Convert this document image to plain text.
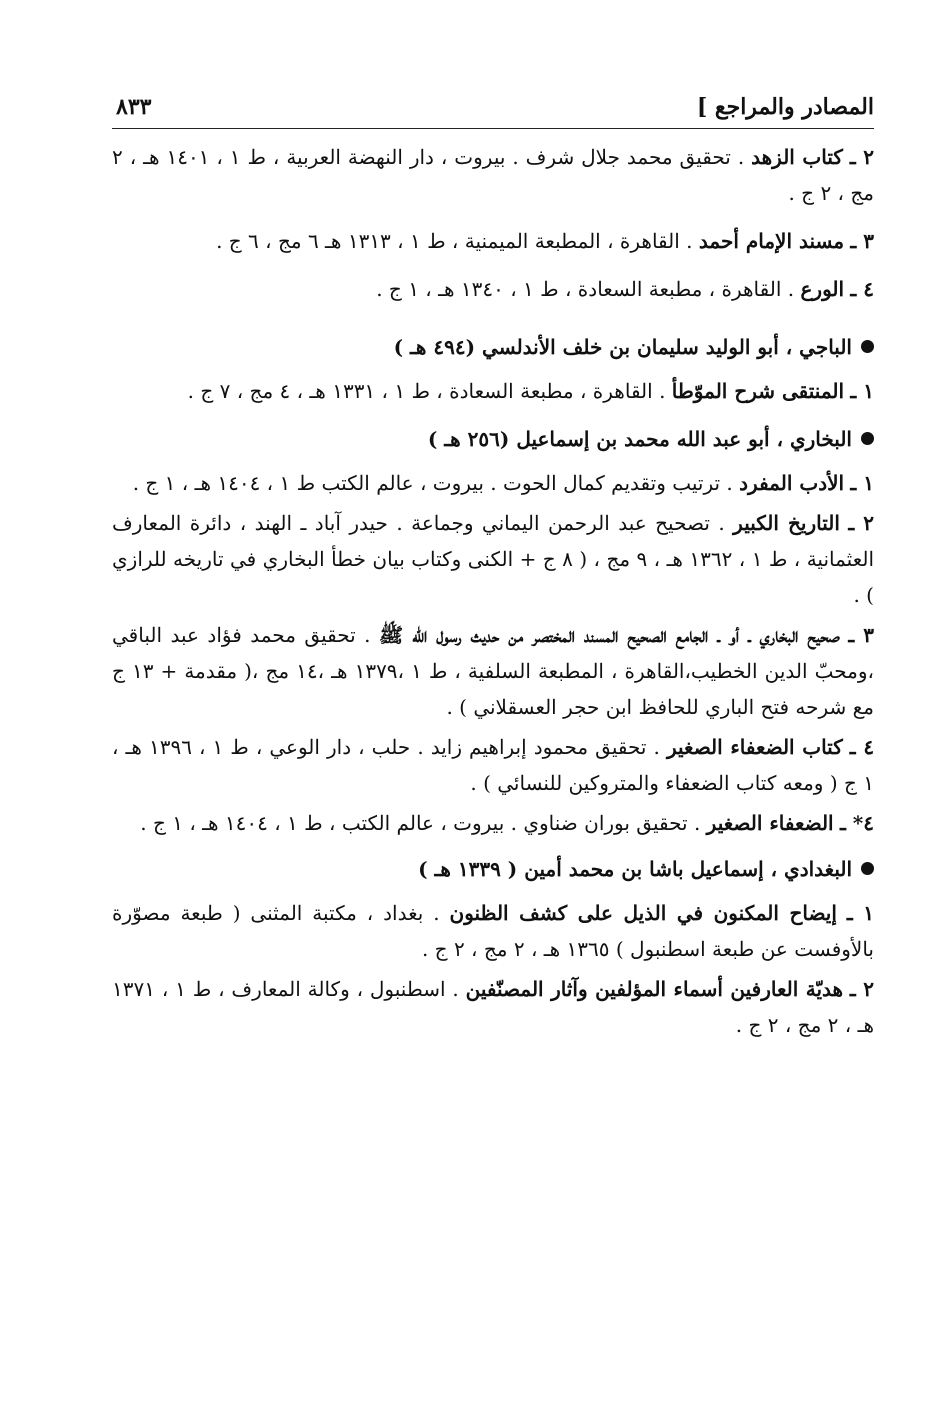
المصادر والمراجع ]
٨٣٣
٢ ـ كتاب الزهد . تحقيق محمد جلال شرف . بيروت ، دار النهضة العربية ، ط ١ ، ١٤٠١ هـ ، ٢ مج ، ٢ ج .
٣ ـ مسند الإمام أحمد . القاهرة ، المطبعة الميمنية ، ط ١ ، ١٣١٣ هـ ٦ مج ، ٦ ج .
٤ ـ الورع . القاهرة ، مطبعة السعادة ، ط ١ ، ١٣٤٠ هـ ، ١ ج .
الباجي ، أبو الوليد سليمان بن خلف الأندلسي (٤٩٤ هـ )
١ ـ المنتقى شرح الموّطأ . القاهرة ، مطبعة السعادة ، ط ١ ، ١٣٣١ هـ ، ٤ مج ، ٧ ج .
البخاري ، أبو عبد الله محمد بن إسماعيل (٢٥٦ هـ )
١ ـ الأدب المفرد . ترتيب وتقديم كمال الحوت . بيروت ، عالم الكتب ط ١ ، ١٤٠٤ هـ ، ١ ج .
٢ ـ التاريخ الكبير . تصحيح عبد الرحمن اليماني وجماعة . حيدر آباد ـ الهند ، دائرة المعارف العثمانية ، ط ١ ، ١٣٦٢ هـ ، ٩ مج ، ( ٨ ج + الكنى وكتاب بيان خطأ البخاري في تاريخه للرازي ) .
٣ ـ صحيح البخاري ـ أو ـ الجامع الصحيح المسند المختصر من حديث رسول الله ﷺ . تحقيق محمد فؤاد عبد الباقي ،ومحبّ الدين الخطيب،القاهرة ، المطبعة السلفية ، ط ١ ،١٣٧٩ هـ ،١٤ مج ،( مقدمة + ١٣ ج مع شرحه فتح الباري للحافظ ابن حجر العسقلاني ) .
٤ ـ كتاب الضعفاء الصغير . تحقيق محمود إبراهيم زايد . حلب ، دار الوعي ، ط ١ ، ١٣٩٦ هـ ، ١ ج ( ومعه كتاب الضعفاء والمتروكين للنسائي ) .
٤* ـ الضعفاء الصغير . تحقيق بوران ضناوي . بيروت ، عالم الكتب ، ط ١ ، ١٤٠٤ هـ ، ١ ج .
البغدادي ، إسماعيل باشا بن محمد أمين ( ١٣٣٩ هـ )
١ ـ إيضاح المكنون في الذيل على كشف الظنون . بغداد ، مكتبة المثنى ( طبعة مصوّرة بالأوفست عن طبعة اسطنبول ) ١٣٦٥ هـ ، ٢ مج ، ٢ ج .
٢ ـ هديّة العارفين أسماء المؤلفين وآثار المصنّفين . اسطنبول ، وكالة المعارف ، ط ١ ، ١٣٧١ هـ ، ٢ مج ، ٢ ج .
